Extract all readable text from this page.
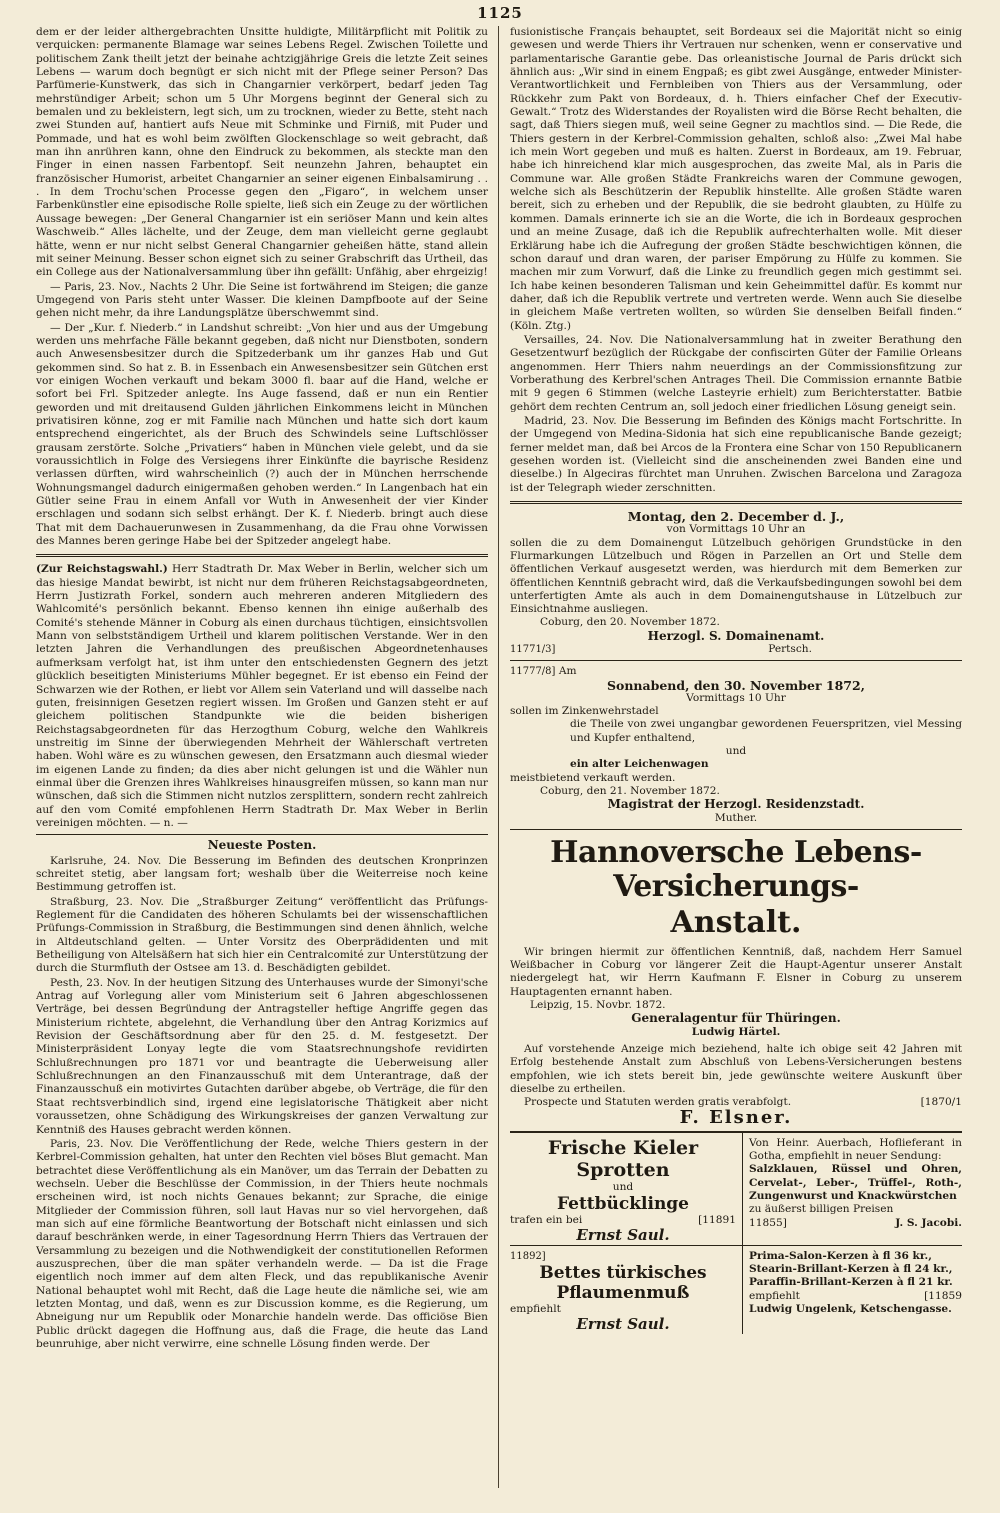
1125

dem er der leider althergebrachten Unsitte huldigte, Militärpflicht mit Politik zu verquicken: permanente Blamage war seines Lebens Regel. Zwischen Toilette und politischem Zank theilt jetzt der beinahe achtzigjährige Greis die letzte Zeit seines Lebens — warum doch begnügt er sich nicht mit der Pflege seiner Person? Das Parfümerie-Kunstwerk, das sich in Changarnier verkörpert, bedarf jeden Tag mehrstündiger Arbeit; schon um 5 Uhr Morgens beginnt der General sich zu bemalen und zu bekleistern, legt sich, um zu trocknen, wieder zu Bette, steht nach zwei Stunden auf, hantiert aufs Neue mit Schminke und Firniß, mit Puder und Pommade, und hat es wohl beim zwölften Glockenschlage so weit gebracht, daß man ihn anrühren kann, ohne den Eindruck zu bekommen, als steckte man den Finger in einen nassen Farbentopf. Seit neunzehn Jahren, behauptet ein französischer Humorist, arbeitet Changarnier an seiner eigenen Einbalsamirung . . . In dem Trochu'schen Processe gegen den „Figaro“, in welchem unser Farbenkünstler eine episodische Rolle spielte, ließ sich ein Zeuge zu der wörtlichen Aussage bewegen: „Der General Changarnier ist ein seriöser Mann und kein altes Waschweib.“ Alles lächelte, und der Zeuge, dem man vielleicht gerne geglaubt hätte, wenn er nur nicht selbst General Changarnier geheißen hätte, stand allein mit seiner Meinung. Besser schon eignet sich zu seiner Grabschrift das Urtheil, das ein College aus der Nationalversammlung über ihn gefällt: Unfähig, aber ehrgeizig!

— Paris, 23. Nov., Nachts 2 Uhr. Die Seine ist fortwährend im Steigen; die ganze Umgegend von Paris steht unter Wasser. Die kleinen Dampfboote auf der Seine gehen nicht mehr, da ihre Landungsplätze überschwemmt sind.

— Der „Kur. f. Niederb.“ in Landshut schreibt: „Von hier und aus der Umgebung werden uns mehrfache Fälle bekannt gegeben, daß nicht nur Dienstboten, sondern auch Anwesensbesitzer durch die Spitzederbank um ihr ganzes Hab und Gut gekommen sind. So hat z. B. in Essenbach ein Anwesensbesitzer sein Gütchen erst vor einigen Wochen verkauft und bekam 3000 fl. baar auf die Hand, welche er sofort bei Frl. Spitzeder anlegte. Ins Auge fassend, daß er nun ein Rentier geworden und mit dreitausend Gulden jährlichen Einkommens leicht in München privatisiren könne, zog er mit Familie nach München und hatte sich dort kaum entsprechend eingerichtet, als der Bruch des Schwindels seine Luftschlösser grausam zerstörte. Solche „Privatiers“ haben in München viele gelebt, und da sie voraussichtlich in Folge des Versiegens ihrer Einkünfte die bayrische Residenz verlassen dürften, wird wahrscheinlich (?) auch der in München herrschende Wohnungsmangel dadurch einigermaßen gehoben werden.“ In Langenbach hat ein Gütler seine Frau in einem Anfall vor Wuth in Anwesenheit der vier Kinder erschlagen und sodann sich selbst erhängt. Der K. f. Niederb. bringt auch diese That mit dem Dachauerunwesen in Zusammenhang, da die Frau ohne Vorwissen des Mannes beren geringe Habe bei der Spitzeder angelegt habe.

(Zur Reichstagswahl.) Herr Stadtrath Dr. Max Weber in Berlin, welcher sich um das hiesige Mandat bewirbt, ist nicht nur dem früheren Reichstagsabgeordneten, Herrn Justizrath Forkel, sondern auch mehreren anderen Mitgliedern des Wahlcomité's persönlich bekannt. Ebenso kennen ihn einige außerhalb des Comité's stehende Männer in Coburg als einen durchaus tüchtigen, einsichtsvollen Mann von selbstständigem Urtheil und klarem politischen Verstande. Wer in den letzten Jahren die Verhandlungen des preußischen Abgeordnetenhauses aufmerksam verfolgt hat, ist ihm unter den entschiedensten Gegnern des jetzt glücklich beseitigten Ministeriums Mühler begegnet. Er ist ebenso ein Feind der Schwarzen wie der Rothen, er liebt vor Allem sein Vaterland und will dasselbe nach guten, freisinnigen Gesetzen regiert wissen. Im Großen und Ganzen steht er auf gleichem politischen Standpunkte wie die beiden bisherigen Reichstagsabgeordneten für das Herzogthum Coburg, welche den Wahlkreis unstreitig im Sinne der überwiegenden Mehrheit der Wählerschaft vertreten haben. Wohl wäre es zu wünschen gewesen, den Ersatzmann auch diesmal wieder im eigenen Lande zu finden; da dies aber nicht gelungen ist und die Wähler nun einmal über die Grenzen ihres Wahlkreises hinausgreifen müssen, so kann man nur wünschen, daß sich die Stimmen nicht nutzlos zersplittern, sondern recht zahlreich auf den vom Comité empfohlenen Herrn Stadtrath Dr. Max Weber in Berlin vereinigen möchten. — n. —

Neueste Posten.

Karlsruhe, 24. Nov. Die Besserung im Befinden des deutschen Kronprinzen schreitet stetig, aber langsam fort; weshalb über die Weiterreise noch keine Bestimmung getroffen ist.

Straßburg, 23. Nov. Die „Straßburger Zeitung“ veröffentlicht das Prüfungs-Reglement für die Candidaten des höheren Schulamts bei der wissenschaftlichen Prüfungs-Commission in Straßburg, die Bestimmungen sind denen ähnlich, welche in Altdeutschland gelten. — Unter Vorsitz des Oberprädidenten und mit Betheiligung von Altelsäßern hat sich hier ein Centralcomité zur Unterstützung der durch die Sturmfluth der Ostsee am 13. d. Beschädigten gebildet.

Pesth, 23. Nov. In der heutigen Sitzung des Unterhauses wurde der Simonyi'sche Antrag auf Vorlegung aller vom Ministerium seit 6 Jahren abgeschlossenen Verträge, bei dessen Begründung der Antragsteller heftige Angriffe gegen das Ministerium richtete, abgelehnt, die Verhandlung über den Antrag Korizmics auf Revision der Geschäftsordnung aber für den 25. d. M. festgesetzt. Der Ministerpräsident Lonyay legte die vom Staatsrechnungshofe revidirten Schlußrechnungen pro 1871 vor und beantragte die Ueberweisung aller Schlußrechnungen an den Finanzausschuß mit dem Unterantrage, daß der Finanzausschuß ein motivirtes Gutachten darüber abgebe, ob Verträge, die für den Staat rechtsverbindlich sind, irgend eine legislatorische Thätigkeit aber nicht voraussetzen, ohne Schädigung des Wirkungskreises der ganzen Verwaltung zur Kenntniß des Hauses gebracht werden können.

Paris, 23. Nov. Die Veröffentlichung der Rede, welche Thiers gestern in der Kerbrel-Commission gehalten, hat unter den Rechten viel böses Blut gemacht. Man betrachtet diese Veröffentlichung als ein Manöver, um das Terrain der Debatten zu wechseln. Ueber die Beschlüsse der Commission, in der Thiers heute nochmals erscheinen wird, ist noch nichts Genaues bekannt; zur Sprache, die einige Mitglieder der Commission führen, soll laut Havas nur so viel hervorgehen, daß man sich auf eine förmliche Beantwortung der Botschaft nicht einlassen und sich darauf beschränken werde, in einer Tagesordnung Herrn Thiers das Vertrauen der Versammlung zu bezeigen und die Nothwendigkeit der constitutionellen Reformen auszusprechen, über die man später verhandeln werde. — Da ist die Frage eigentlich noch immer auf dem alten Fleck, und das republikanische Avenir National behauptet wohl mit Recht, daß die Lage heute die nämliche sei, wie am letzten Montag, und daß, wenn es zur Discussion komme, es die Regierung, um Abneigung nur um Republik oder Monarchie handeln werde. Das officiöse Bien Public drückt dagegen die Hoffnung aus, daß die Frage, die heute das Land beunruhige, aber nicht verwirre, eine schnelle Lösung finden werde. Der

fusionistische Français behauptet, seit Bordeaux sei die Majorität nicht so einig gewesen und werde Thiers ihr Vertrauen nur schenken, wenn er conservative und parlamentarische Garantie gebe. Das orleanistische Journal de Paris drückt sich ähnlich aus: „Wir sind in einem Engpaß; es gibt zwei Ausgänge, entweder Minister-Verantwortlichkeit und Fernbleiben von Thiers aus der Versammlung, oder Rückkehr zum Pakt von Bordeaux, d. h. Thiers einfacher Chef der Executiv-Gewalt.“ Trotz des Widerstandes der Royalisten wird die Börse Recht behalten, die sagt, daß Thiers siegen muß, weil seine Gegner zu machtlos sind. — Die Rede, die Thiers gestern in der Kerbrel-Commission gehalten, schloß also: „Zwei Mal habe ich mein Wort gegeben und muß es halten. Zuerst in Bordeaux, am 19. Februar, habe ich hinreichend klar mich ausgesprochen, das zweite Mal, als in Paris die Commune war. Alle großen Städte Frankreichs waren der Commune gewogen, welche sich als Beschützerin der Republik hinstellte. Alle großen Städte waren bereit, sich zu erheben und der Republik, die sie bedroht glaubten, zu Hülfe zu kommen. Damals erinnerte ich sie an die Worte, die ich in Bordeaux gesprochen und an meine Zusage, daß ich die Republik aufrechterhalten wolle. Mit dieser Erklärung habe ich die Aufregung der großen Städte beschwichtigen können, die schon darauf und dran waren, der pariser Empörung zu Hülfe zu kommen. Sie machen mir zum Vorwurf, daß die Linke zu freundlich gegen mich gestimmt sei. Ich habe keinen besonderen Talisman und kein Geheimmittel dafür. Es kommt nur daher, daß ich die Republik vertrete und vertreten werde. Wenn auch Sie dieselbe in gleichem Maße vertreten wollten, so würden Sie denselben Beifall finden.“ (Köln. Ztg.)

Versailles, 24. Nov. Die Nationalversammlung hat in zweiter Berathung den Gesetzentwurf bezüglich der Rückgabe der confiscirten Güter der Familie Orleans angenommen. Herr Thiers nahm neuerdings an der Commissionsfitzung zur Vorberathung des Kerbrel'schen Antrages Theil. Die Commission ernannte Batbie mit 9 gegen 6 Stimmen (welche Lasteyrie erhielt) zum Berichterstatter. Batbie gehört dem rechten Centrum an, soll jedoch einer friedlichen Lösung geneigt sein.

Madrid, 23. Nov. Die Besserung im Befinden des Königs macht Fortschritte. In der Umgegend von Medina-Sidonia hat sich eine republicanische Bande gezeigt; ferner meldet man, daß bei Arcos de la Frontera eine Schar von 150 Republicanern gesehen worden ist. (Vielleicht sind die anscheinenden zwei Banden eine und dieselbe.) In Algeciras fürchtet man Unruhen. Zwischen Barcelona und Zaragoza ist der Telegraph wieder zerschnitten.

Montag, den 2. December d. J.,
von Vormittags 10 Uhr an
sollen die zu dem Domainengut Lützelbuch gehörigen Grundstücke in den Flurmarkungen Lützelbuch und Rögen in Parzellen an Ort und Stelle dem öffentlichen Verkauf ausgesetzt werden, was hierdurch mit dem Bemerken zur öffentlichen Kenntniß gebracht wird, daß die Verkaufsbedingungen sowohl bei dem unterfertigten Amte als auch in dem Domainengutshause in Lützelbuch zur Einsichtnahme ausliegen.
Coburg, den 20. November 1872.
Herzogl. S. Domainenamt.
11771/3]	Pertsch.
11777/8] Am
Sonnabend, den 30. November 1872,
Vormittags 10 Uhr
sollen im Zinkenwehrstadel
die Theile von zwei ungangbar gewordenen Feuerspritzen, viel Messing und Kupfer enthaltend,
und
ein alter Leichenwagen
meistbietend verkauft werden.
Coburg, den 21. November 1872.
Magistrat der Herzogl. Residenzstadt.
Muther.
Hannoversche Lebens-Versicherungs-
Anstalt.
Wir bringen hiermit zur öffentlichen Kenntniß, daß, nachdem Herr Samuel Weißbacher in Coburg vor längerer Zeit die Haupt-Agentur unserer Anstalt niedergelegt hat, wir Herrn Kaufmann F. Elsner in Coburg zu unserem Hauptagenten ernannt haben.
Leipzig, 15. Novbr. 1872.
Generalagentur für Thüringen.
Ludwig Härtel.
Auf vorstehende Anzeige mich beziehend, halte ich obige seit 42 Jahren mit Erfolg bestehende Anstalt zum Abschluß von Lebens-Versicherungen bestens empfohlen, wie ich stets bereit bin, jede gewünschte weitere Auskunft über dieselbe zu ertheilen.
Prospecte und Statuten werden gratis verabfolgt.	[1870/1
F. Elsner.
Frische Kieler Sprotten
und
Fettbücklinge
trafen ein bei	[11891
Ernst Saul.
Von Heinr. Auerbach, Hoflieferant in Gotha, empfiehlt in neuer Sendung:
Salzklauen, Rüssel und Ohren, Cervelat-, Leber-, Trüffel-, Roth-, Zungenwurst und Knackwürstchen
zu äußerst billigen Preisen
11855]	J. S. Jacobi.
11892]
Bettes türkisches Pflaumenmuß
empfiehlt
Ernst Saul.
Prima-Salon-Kerzen à fl 36 kr.,
Stearin-Brillant-Kerzen à fl 24 kr.,
Paraffin-Brillant-Kerzen à fl 21 kr.
empfiehlt	[11859
Ludwig Ungelenk, Ketschengasse.
